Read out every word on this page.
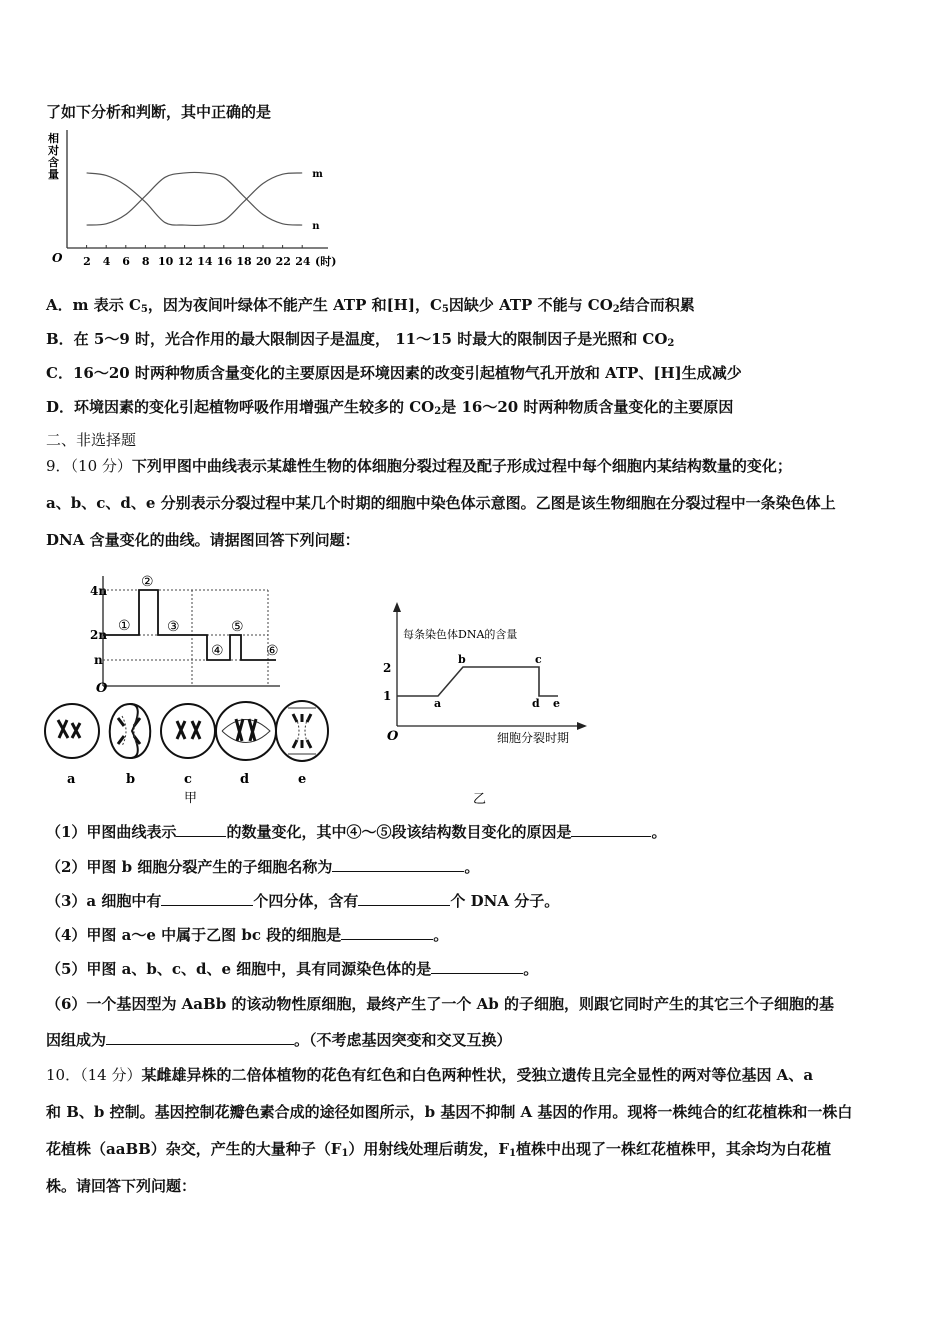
了如下分析和判断，其中正确的是
相
对
含
量
O 2 4 6 8 10 12 14 16 18 20 22 24 (时)
m
n
A．m 表示 $C_5$，因为夜间叶绿体不能产生 ATP 和[H]，$C_5$因缺少 ATP 不能与 $CO_2$结合而积累
B．在 5～9 时，光合作用的最大限制因子是温度， 11～15 时最大的限制因子是光照和 $CO_2$
C．16～20 时两种物质含量变化的主要原因是环境因素的改变引起植物气孔开放和 ATP、[H]生成减少
D．环境因素的变化引起植物呼吸作用增强产生较多的 $CO_2$是 16～20 时两种物质含量变化的主要原因
二、非选择题
9．（10 分）下列甲图中曲线表示某雄性生物的体细胞分裂过程及配子形成过程中每个细胞内某结构数量的变化；
a、b、c、d、e 分别表示分裂过程中某几个时期的细胞中染色体示意图。乙图是该生物细胞在分裂过程中一条染色体上
DNA 含量变化的曲线。请据图回答下列问题：
4n
2n
n
O
①
②
③
④
⑤
⑥
a	b	c	d	e
甲
每条染色体DNA的含量
2
1
O
a
b	c
d e
细胞分裂时期
乙
（1）甲图曲线表示	的数量变化，其中④～⑤段该结构数目变化的原因是	。
（2）甲图 b 细胞分裂产生的子细胞名称为	。
（3）a 细胞中有	个四分体，含有	个 DNA 分子。
（4）甲图 a～e 中属于乙图 bc 段的细胞是	。
（5）甲图 a、b、c、d、e 细胞中，具有同源染色体的是	。
（6）一个基因型为 AaBb 的该动物性原细胞，最终产生了一个 Ab 的子细胞，则跟它同时产生的其它三个子细胞的基
因组成为	。（不考虑基因突变和交叉互换）
10．（14 分）某雌雄异株的二倍体植物的花色有红色和白色两种性状，受独立遗传且完全显性的两对等位基因 A、a
和 B、b 控制。基因控制花瓣色素合成的途径如图所示，b 基因不抑制 A 基因的作用。现将一株纯合的红花植株和一株白
花植株（aaBB）杂交，产生的大量种子$(F_1)$用射线处理后萌发，$F_1$植株中出现了一株红花植株甲，其余均为白花植
株。请回答下列问题：
